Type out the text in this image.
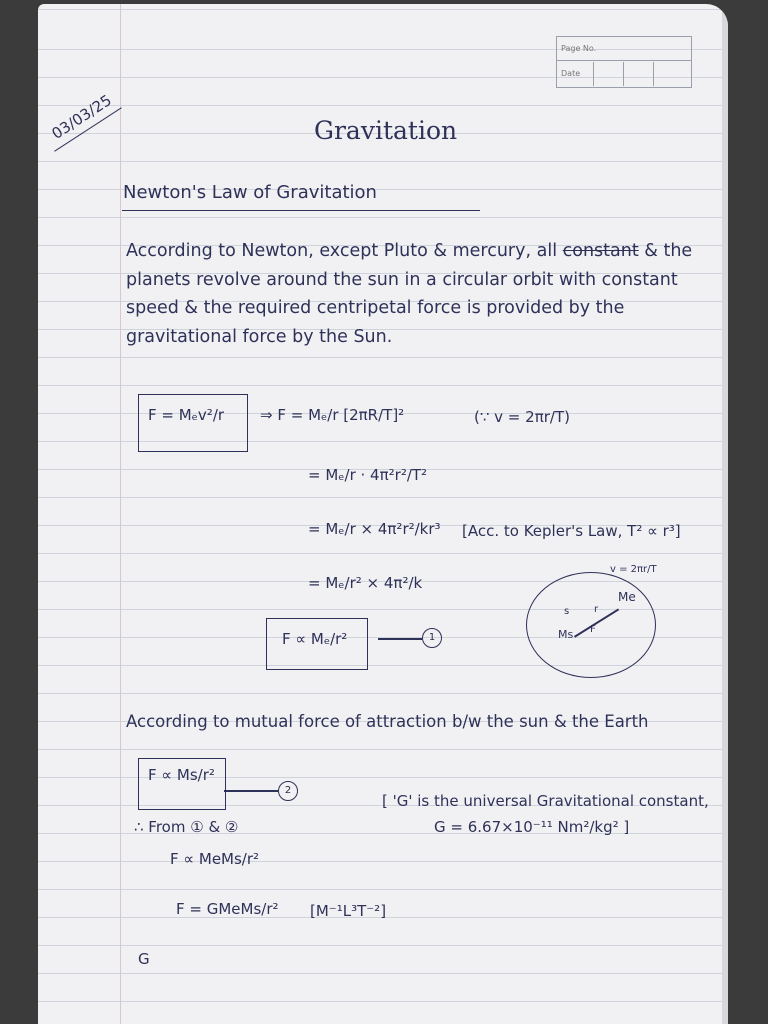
Page No.
Date
03/03/25	Gravitation
Newton's Law of Gravitation
According to Newton, except Pluto & mercury, all constant & the planets revolve around the sun in a circular orbit with constant speed & the required centripetal force is provided by the gravitational force by the Sun.
F = Mₑv²/r ⇒ F = Mₑ/r [2πR/T]²	(∵ v = 2πr/T)
= Mₑ/r · 4π²r²/T²
= Mₑ/r × 4π²r²/kr³ [Acc. to Kepler's Law, T² ∝ r³]
= Mₑ/r² × 4π²/k
F ∝ Mₑ/r²	1
v = 2πr/T
Me
Ms
r
s
F
According to mutual force of attraction b/w the sun & the Earth
F ∝ Ms/r²
2
∴ From ① & ②
F ∝ MeMs/r²
F = GMeMs/r² [M⁻¹L³T⁻²]
G
[ 'G' is the universal Gravitational constant,
G = 6.67×10⁻¹¹ Nm²/kg² ]
